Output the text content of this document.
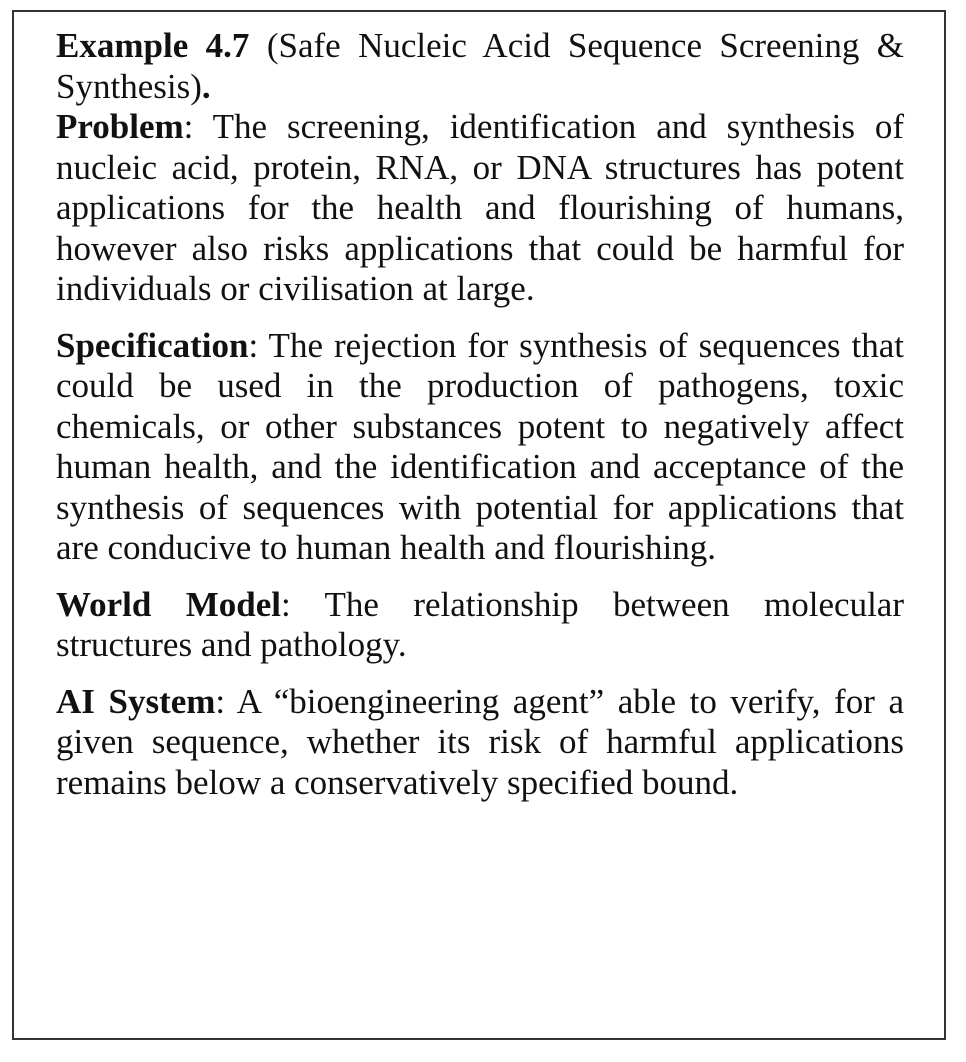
Example 4.7 (Safe Nucleic Acid Sequence Screening & Synthesis).

Problem: The screening, identification and synthesis of nucleic acid, protein, RNA, or DNA structures has potent applications for the health and flourishing of humans, however also risks applications that could be harmful for individuals or civilisation at large.

Specification: The rejection for synthesis of sequences that could be used in the production of pathogens, toxic chemicals, or other substances potent to negatively affect human health, and the identification and acceptance of the synthesis of sequences with potential for applications that are conducive to human health and flourishing.

World Model: The relationship between molecular structures and pathology.

AI System: A “bioengineering agent” able to verify, for a given sequence, whether its risk of harmful applications remains below a conservatively specified bound.
